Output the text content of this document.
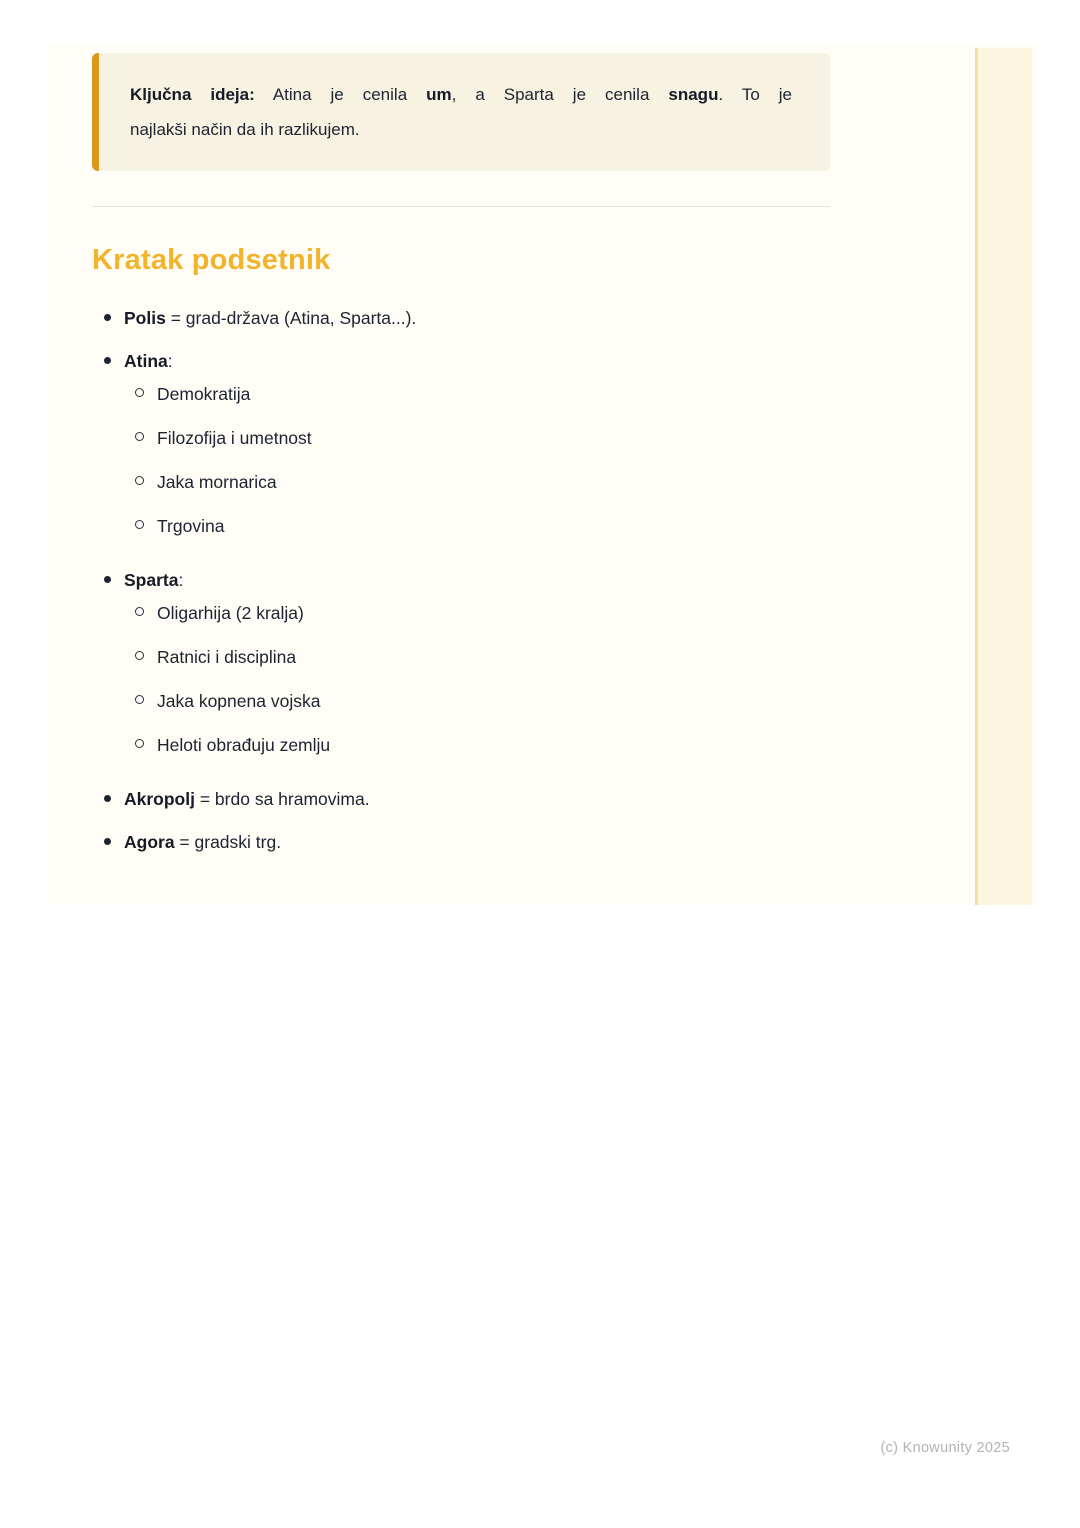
Ključna ideja: Atina je cenila um, a Sparta je cenila snagu. To je

najlakši način da ih razlikujem.

Kratak podsetnik

Polis = grad-država (Atina, Sparta...).

Atina:

Demokratija

Filozofija i umetnost

Jaka mornarica

Trgovina

Sparta:

Oligarhija (2 kralja)

Ratnici i disciplina

Jaka kopnena vojska

Heloti obrađuju zemlju

Akropolj = brdo sa hramovima.

Agora = gradski trg.

(c) Knowunity 2025
